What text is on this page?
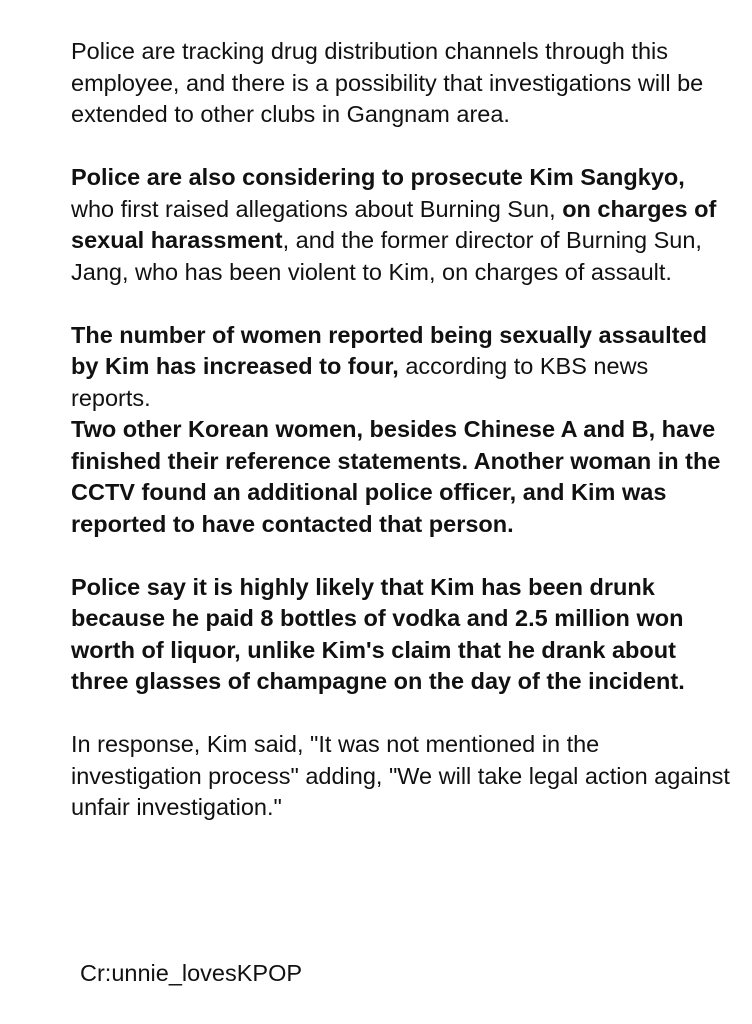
Police are tracking drug distribution channels through this employee, and there is a possibility that investigations will be extended to other clubs in Gangnam area.

Police are also considering to prosecute Kim Sangkyo, who first raised allegations about Burning Sun, on charges of sexual harassment, and the former director of Burning Sun, Jang, who has been violent to Kim, on charges of assault.

The number of women reported being sexually assaulted by Kim has increased to four, according to KBS news reports.

Two other Korean women, besides Chinese A and B, have finished their reference statements. Another woman in the CCTV found an additional police officer, and Kim was reported to have contacted that person.

Police say it is highly likely that Kim has been drunk because he paid 8 bottles of vodka and 2.5 million won worth of liquor, unlike Kim's claim that he drank about three glasses of champagne on the day of the incident.

In response, Kim said, "It was not mentioned in the investigation process" adding, "We will take legal action against unfair investigation."

Cr:unnie_lovesKPOP
